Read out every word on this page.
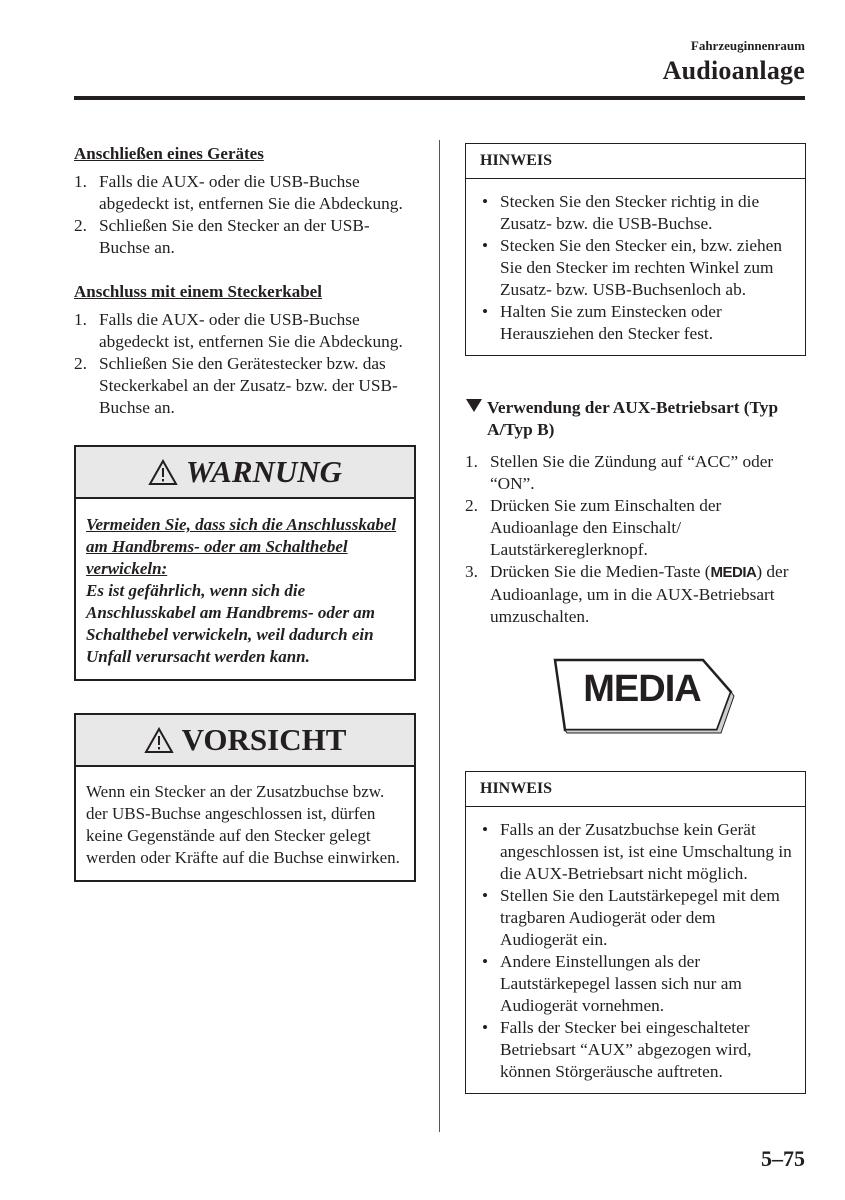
Fahrzeuginnenraum
Audioanlage
Anschließen eines Gerätes
1. Falls die AUX- oder die USB-Buchse abgedeckt ist, entfernen Sie die Abdeckung.
2. Schließen Sie den Stecker an der USB-Buchse an.
Anschluss mit einem Steckerkabel
1. Falls die AUX- oder die USB-Buchse abgedeckt ist, entfernen Sie die Abdeckung.
2. Schließen Sie den Gerätestecker bzw. das Steckerkabel an der Zusatz- bzw. der USB-Buchse an.
WARNUNG
Vermeiden Sie, dass sich die Anschlusskabel am Handbrems- oder am Schalthebel verwickeln:
Es ist gefährlich, wenn sich die Anschlusskabel am Handbrems- oder am Schalthebel verwickeln, weil dadurch ein Unfall verursacht werden kann.
VORSICHT
Wenn ein Stecker an der Zusatzbuchse bzw. der UBS-Buchse angeschlossen ist, dürfen keine Gegenstände auf den Stecker gelegt werden oder Kräfte auf die Buchse einwirken.
HINWEIS
• Stecken Sie den Stecker richtig in die Zusatz- bzw. die USB-Buchse.
• Stecken Sie den Stecker ein, bzw. ziehen Sie den Stecker im rechten Winkel zum Zusatz- bzw. USB-Buchsenloch ab.
• Halten Sie zum Einstecken oder Herausziehen den Stecker fest.
Verwendung der AUX-Betriebsart (Typ A/Typ B)
1. Stellen Sie die Zündung auf “ACC” oder “ON”.
2. Drücken Sie zum Einschalten der Audioanlage den Einschalt/ Lautstärkereglerknopf.
3. Drücken Sie die Medien-Taste (MEDIA) der Audioanlage, um in die AUX-Betriebsart umzuschalten.
MEDIA
HINWEIS
• Falls an der Zusatzbuchse kein Gerät angeschlossen ist, ist eine Umschaltung in die AUX-Betriebsart nicht möglich.
• Stellen Sie den Lautstärkepegel mit dem tragbaren Audiogerät oder dem Audiogerät ein.
• Andere Einstellungen als der Lautstärkepegel lassen sich nur am Audiogerät vornehmen.
• Falls der Stecker bei eingeschalteter Betriebsart “AUX” abgezogen wird, können Störgeräusche auftreten.
5–75
